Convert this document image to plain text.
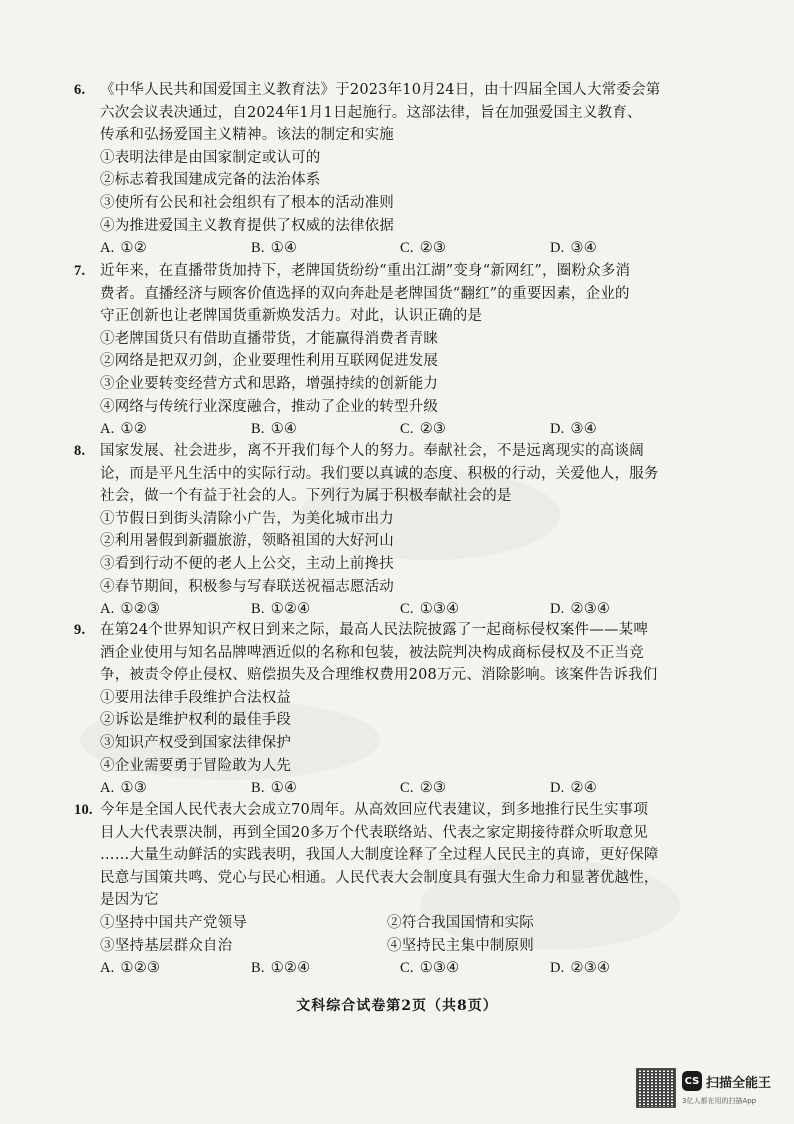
6.	《中华人民共和国爱国主义教育法》于2023年10月24日，由十四届全国人大常委会第
六次会议表决通过，自2024年1月1日起施行。这部法律，旨在加强爱国主义教育、
传承和弘扬爱国主义精神。该法的制定和实施
①表明法律是由国家制定或认可的
②标志着我国建成完备的法治体系
③使所有公民和社会组织有了根本的活动准则
④为推进爱国主义教育提供了权威的法律依据
A. ①②	B. ①④	C. ②③	D. ③④
7.	近年来，在直播带货加持下，老牌国货纷纷“重出江湖”变身“新网红”，圈粉众多消
费者。直播经济与顾客价值选择的双向奔赴是老牌国货“翻红”的重要因素，企业的
守正创新也让老牌国货重新焕发活力。对此，认识正确的是
①老牌国货只有借助直播带货，才能赢得消费者青睐
②网络是把双刃剑，企业要理性利用互联网促进发展
③企业要转变经营方式和思路，增强持续的创新能力
④网络与传统行业深度融合，推动了企业的转型升级
A. ①②	B. ①④	C. ②③	D. ③④
8.	国家发展、社会进步，离不开我们每个人的努力。奉献社会，不是远离现实的高谈阔
论，而是平凡生活中的实际行动。我们要以真诚的态度、积极的行动，关爱他人，服务
社会，做一个有益于社会的人。下列行为属于积极奉献社会的是
①节假日到街头清除小广告，为美化城市出力
②利用暑假到新疆旅游，领略祖国的大好河山
③看到行动不便的老人上公交，主动上前搀扶
④春节期间，积极参与写春联送祝福志愿活动
A. ①②③	B. ①②④	C. ①③④	D. ②③④
9.	在第24个世界知识产权日到来之际，最高人民法院披露了一起商标侵权案件——某啤
酒企业使用与知名品牌啤酒近似的名称和包装，被法院判决构成商标侵权及不正当竞
争，被责令停止侵权、赔偿损失及合理维权费用208万元、消除影响。该案件告诉我们
①要用法律手段维护合法权益
②诉讼是维护权利的最佳手段
③知识产权受到国家法律保护
④企业需要勇于冒险敢为人先
A. ①③	B. ①④	C. ②③	D. ②④
10. 今年是全国人民代表大会成立70周年。从高效回应代表建议，到多地推行民生实事项
目人大代表票决制，再到全国20多万个代表联络站、代表之家定期接待群众听取意见
……大量生动鲜活的实践表明，我国人大制度诠释了全过程人民民主的真谛，更好保障
民意与国策共鸣、党心与民心相通。人民代表大会制度具有强大生命力和显著优越性，
是因为它
①坚持中国共产党领导	②符合我国国情和实际
③坚持基层群众自治	④坚持民主集中制原则
A. ①②③	B. ①②④	C. ①③④	D. ②③④
文科综合试卷第2页（共8页）
CS 扫描全能王
3亿人都在用的扫描App
